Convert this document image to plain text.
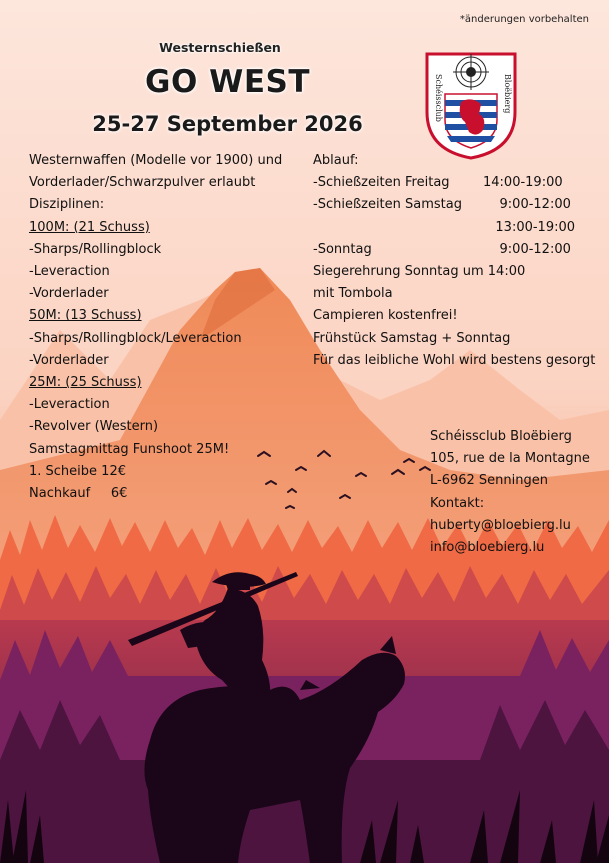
*änderungen vorbehalten
Westernschießen
GO WEST
25-27 September 2026
Schéissclub	Bloëbierg
Westernwaffen (Modelle vor 1900) und
Vorderlader/Schwarzpulver erlaubt
Disziplinen:
100M: (21 Schuss)
-Sharps/Rollingblock
-Leveraction
-Vorderlader
50M: (13 Schuss)
-Sharps/Rollingblock/Leveraction
-Vorderlader
25M: (25 Schuss)
-Leveraction
-Revolver (Western)
Samstagmittag Funshoot 25M!
1. Scheibe 12€
Nachkauf     6€
Ablauf:
-Schießzeiten Freitag	14:00-19:00
-Schießzeiten Samstag 9:00-12:00

13:00-19:00
-Sonntag	9:00-12:00
Siegerehrung Sonntag um 14:00
mit Tombola
Campieren kostenfrei!
Frühstück Samstag + Sonntag
Für das leibliche Wohl wird bestens gesorgt
Schéissclub Bloëbierg
105, rue de la Montagne
L-6962 Senningen
Kontakt:
huberty@bloebierg.lu
info@bloebierg.lu
